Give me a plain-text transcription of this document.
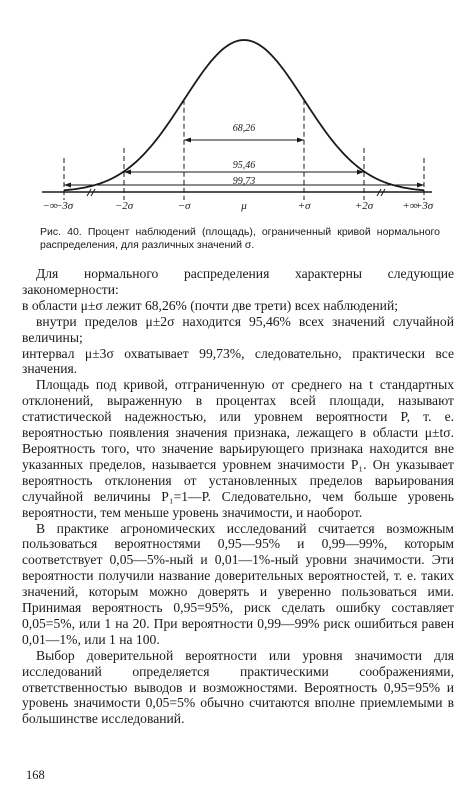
68,26
95,46
99,73
−∞
−3σ	−2σ	−σ	μ	+σ	+2σ	+3σ
+∞
Рис. 40. Процент наблюдений (площадь), ограниченный кривой нормального распределения, для различных значений σ.

Для нормального распределения характерны следующие закономерности:

в области μ±σ лежит 68,26% (почти две трети) всех наблюдений;

внутри пределов μ±2σ находится 95,46% всех значений случайной величины;

интервал μ±3σ охватывает 99,73%, следовательно, практически все значения.

Площадь под кривой, отграниченную от среднего на t стандартных отклонений, выраженную в процентах всей площади, называют статистической надежностью, или уровнем вероятности P, т. е. вероятностью появления значения признака, лежащего в области μ±tσ. Вероятность того, что значение варьирующего признака находится вне указанных пределов, называется уровнем значимости P₁. Он указывает вероятность отклонения от установленных пределов варьирования случайной величины P₁=1—P. Следовательно, чем больше уровень вероятности, тем меньше уровень значимости, и наоборот.

В практике агрономических исследований считается возможным пользоваться вероятностями 0,95—95% и 0,99—99%, которым соответствует 0,05—5%-ный и 0,01—1%-ный уровни значимости. Эти вероятности получили название доверительных вероятностей, т. е. таких значений, которым можно доверять и уверенно пользоваться ими. Принимая вероятность 0,95=95%, риск сделать ошибку составляет 0,05=5%, или 1 на 20. При вероятности 0,99—99% риск ошибиться равен 0,01—1%, или 1 на 100.

Выбор доверительной вероятности или уровня значимости для исследований определяется практическими соображениями, ответственностью выводов и возможностями. Вероятность 0,95=95% и уровень значимости 0,05=5% обычно считаются вполне приемлемыми в большинстве исследований.

168
